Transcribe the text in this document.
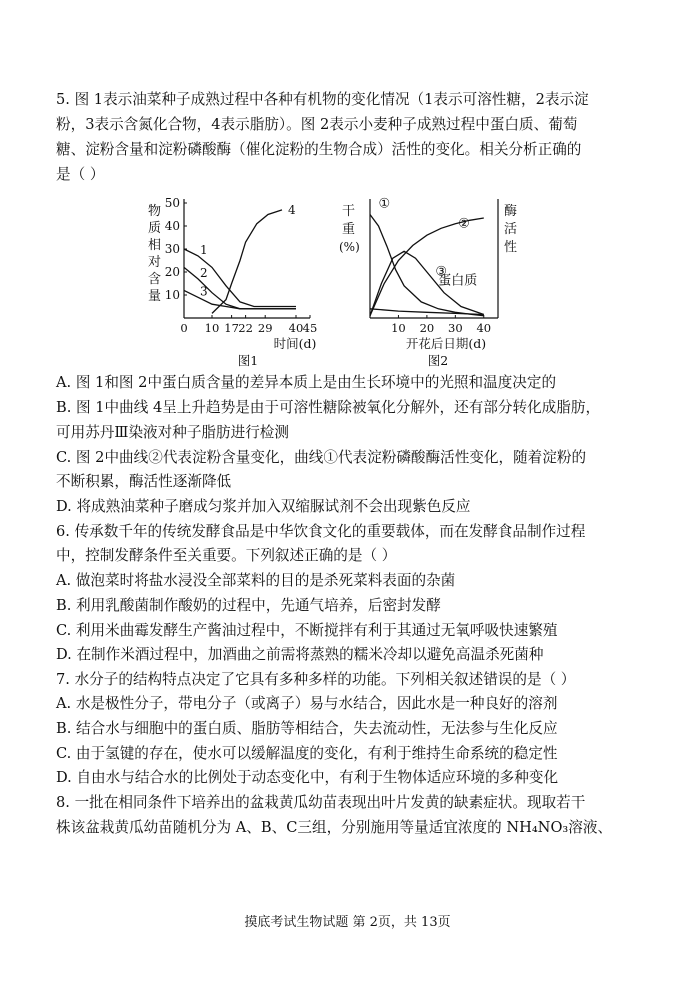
5. 图 1表示油菜种子成熟过程中各种有机物的变化情况（1表示可溶性糖，2表示淀
粉，3表示含氮化合物，4表示脂肪）。图 2表示小麦种子成熟过程中蛋白质、葡萄
糖、淀粉含量和淀粉磷酸酶（催化淀粉的生物合成）活性的变化。相关分析正确的
是（ ）
物
质
相
对
含
量 10
20
30
40
50
0 10 17 22 29 40 45
时间(d)
图1
1
2
3
4	干
重
(%)
酶
活
性
10 20 30 40
开花后日期(d)
图2
①
②
③
蛋白质
A. 图 1和图 2中蛋白质含量的差异本质上是由生长环境中的光照和温度决定的
B. 图 1中曲线 4呈上升趋势是由于可溶性糖除被氧化分解外，还有部分转化成脂肪，
可用苏丹Ⅲ染液对种子脂肪进行检测
C. 图 2中曲线②代表淀粉含量变化，曲线①代表淀粉磷酸酶活性变化，随着淀粉的
不断积累，酶活性逐渐降低
D. 将成熟油菜种子磨成匀浆并加入双缩脲试剂不会出现紫色反应
6. 传承数千年的传统发酵食品是中华饮食文化的重要载体，而在发酵食品制作过程
中，控制发酵条件至关重要。下列叙述正确的是（ ）
A. 做泡菜时将盐水浸没全部菜料的目的是杀死菜料表面的杂菌
B. 利用乳酸菌制作酸奶的过程中，先通气培养，后密封发酵
C. 利用米曲霉发酵生产酱油过程中，不断搅拌有利于其通过无氧呼吸快速繁殖
D. 在制作米酒过程中，加酒曲之前需将蒸熟的糯米冷却以避免高温杀死菌种
7. 水分子的结构特点决定了它具有多种多样的功能。下列相关叙述错误的是（ ）
A. 水是极性分子，带电分子（或离子）易与水结合，因此水是一种良好的溶剂
B. 结合水与细胞中的蛋白质、脂肪等相结合，失去流动性，无法参与生化反应
C. 由于氢键的存在，使水可以缓解温度的变化，有利于维持生命系统的稳定性
D. 自由水与结合水的比例处于动态变化中，有利于生物体适应环境的多种变化
8. 一批在相同条件下培养出的盆栽黄瓜幼苗表现出叶片发黄的缺素症状。现取若干
株该盆栽黄瓜幼苗随机分为 A、B、C三组，分别施用等量适宜浓度的 NH₄NO₃溶液、
摸底考试生物试题 第 2页，共 13页
